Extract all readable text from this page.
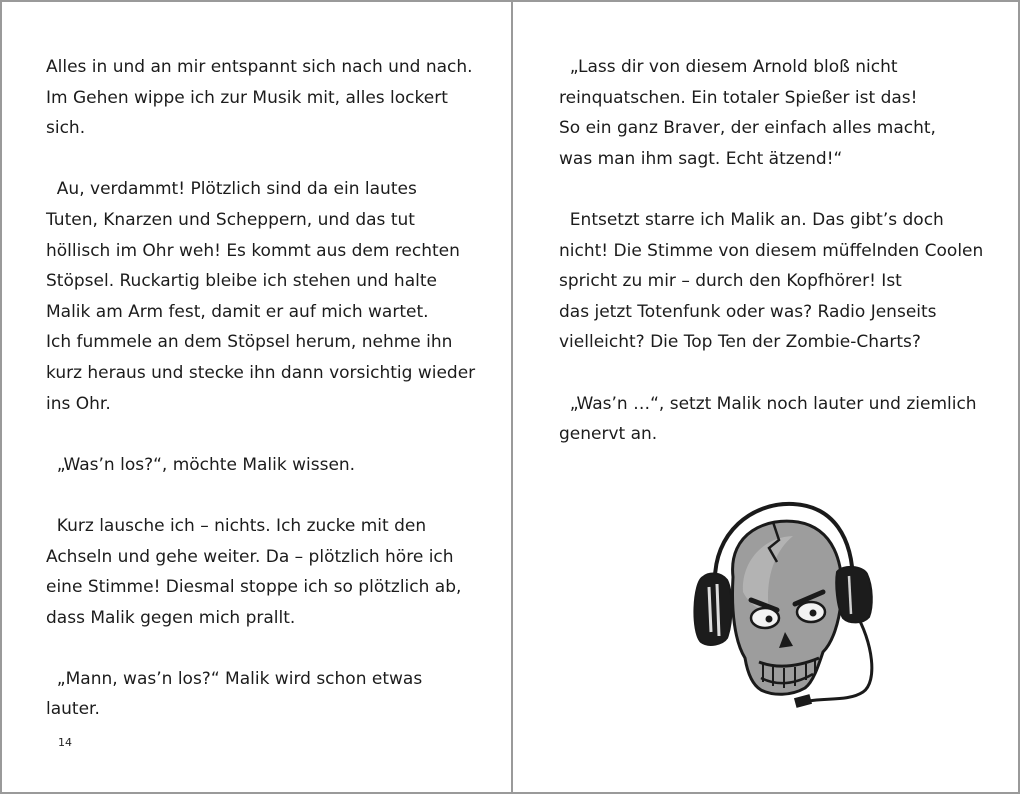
Alles in und an mir entspannt sich nach und nach.
Im Gehen wippe ich zur Musik mit, alles lockert
sich.
Au, verdammt! Plötzlich sind da ein lautes
Tuten, Knarzen und Scheppern, und das tut
höllisch im Ohr weh! Es kommt aus dem rechten
Stöpsel. Ruckartig bleibe ich stehen und halte
Malik am Arm fest, damit er auf mich wartet.
Ich fummele an dem Stöpsel herum, nehme ihn
kurz heraus und stecke ihn dann vorsichtig wieder
ins Ohr.
„Was’n los?“, möchte Malik wissen.
Kurz lausche ich – nichts. Ich zucke mit den
Achseln und gehe weiter. Da – plötzlich höre ich
eine Stimme! Diesmal stoppe ich so plötzlich ab,
dass Malik gegen mich prallt.
„Mann, was’n los?“ Malik wird schon etwas
lauter.
14
„Lass dir von diesem Arnold bloß nicht
reinquatschen. Ein totaler Spießer ist das!
So ein ganz Braver, der einfach alles macht,
was man ihm sagt. Echt ätzend!“
Entsetzt starre ich Malik an. Das gibt’s doch
nicht! Die Stimme von diesem müffelnden Coolen
spricht zu mir – durch den Kopfhörer! Ist
das jetzt Totenfunk oder was? Radio Jenseits
vielleicht? Die Top Ten der Zombie-Charts?
„Was’n …“, setzt Malik noch lauter und ziemlich
genervt an.
